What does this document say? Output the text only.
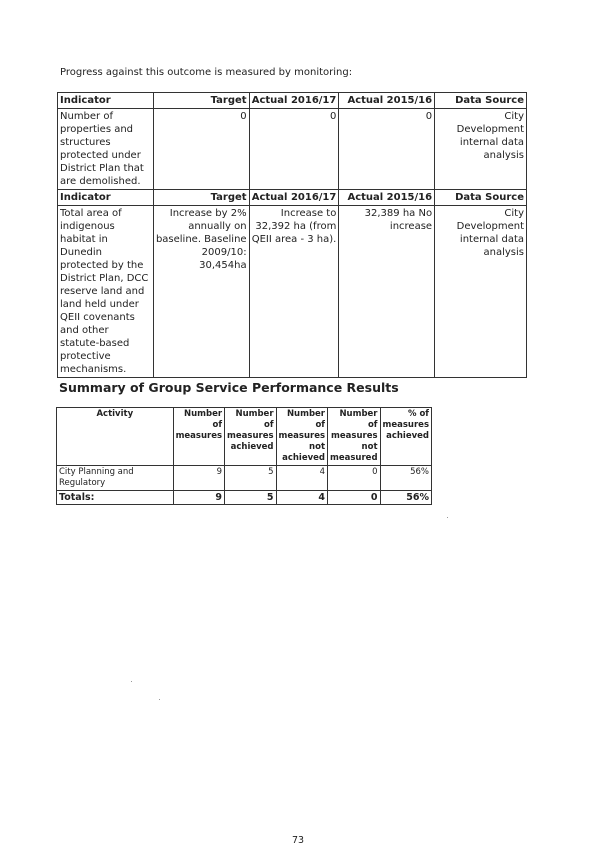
Progress against this outcome is measured by monitoring:
Indicator	Target	Actual 2016/17	Actual 2015/16	Data Source
Number of properties and structures protected under District Plan that are demolished.	0	0	0	City Development internal data analysis
Indicator	Target	Actual 2016/17	Actual 2015/16	Data Source
Total area of indigenous habitat in Dunedin protected by the District Plan, DCC reserve land and land held under QEII covenants and other statute-based protective mechanisms.	Increase by 2% annually on baseline. Baseline 2009/10: 30,454ha	Increase to 32,392 ha (from QEII area - 3 ha).	32,389 ha No increase	City Development internal data analysis
Summary of Group Service Performance Results
Activity	Number of measures	Number of measures achieved	Number of measures not achieved	Number of measures not measured	% of measures achieved
City Planning and Regulatory	9	5	4	0	56%
Totals:	9	5	4	0	56%
73
